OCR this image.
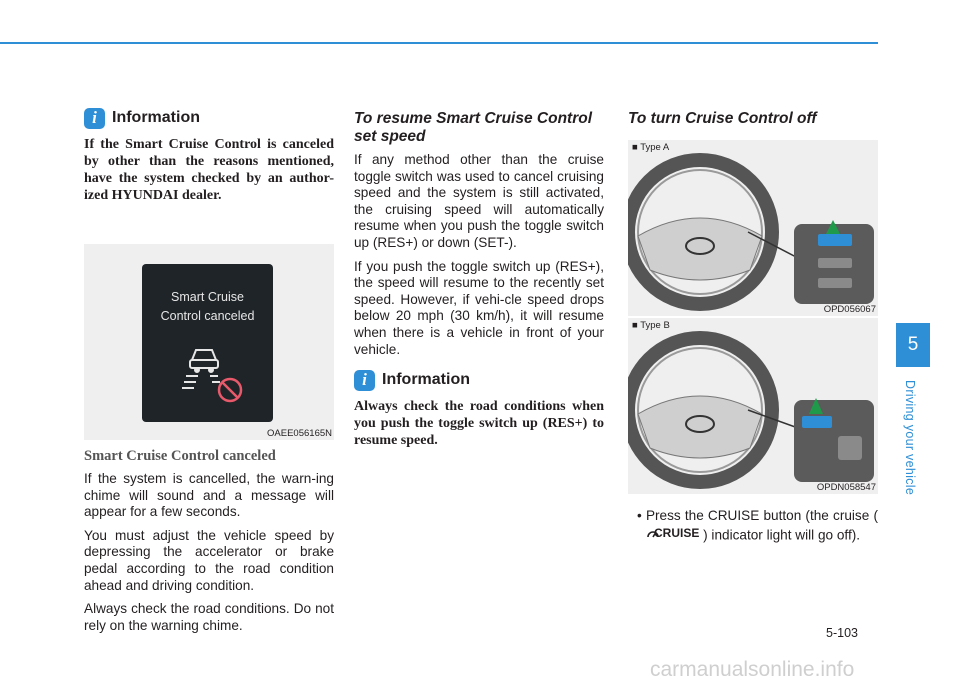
i Information

If the Smart Cruise Control is canceled by other than the reasons mentioned, have the system checked by an author-ized HYUNDAI dealer.

Smart Cruise
Control canceled
OAEE056165N
Smart Cruise Control canceled

If the system is cancelled, the warn-ing chime will sound and a message will appear for a few seconds.

You must adjust the vehicle speed by depressing the accelerator or brake pedal according to the road condition ahead and driving condition.

Always check the road conditions. Do not rely on the warning chime.

To resume Smart Cruise Control set speed

If any method other than the cruise toggle switch was used to cancel cruising speed and the system is still activated, the cruising speed will automatically resume when you push the toggle switch up (RES+) or down (SET-).

If you push the toggle switch up (RES+), the speed will resume to the recently set speed. However, if vehi-cle speed drops below 20 mph (30 km/h), it will resume when there is a vehicle in front of your vehicle.

i Information

Always check the road conditions when you push the toggle switch up (RES+) to resume speed.

To turn Cruise Control off
■ Type A
OPD056067
■ Type B
OPDN058547
• Press the CRUISE button (the cruise (
CRUISE ) indicator light will go off).
5
Driving your vehicle
5-103
carmanualsonline.info
